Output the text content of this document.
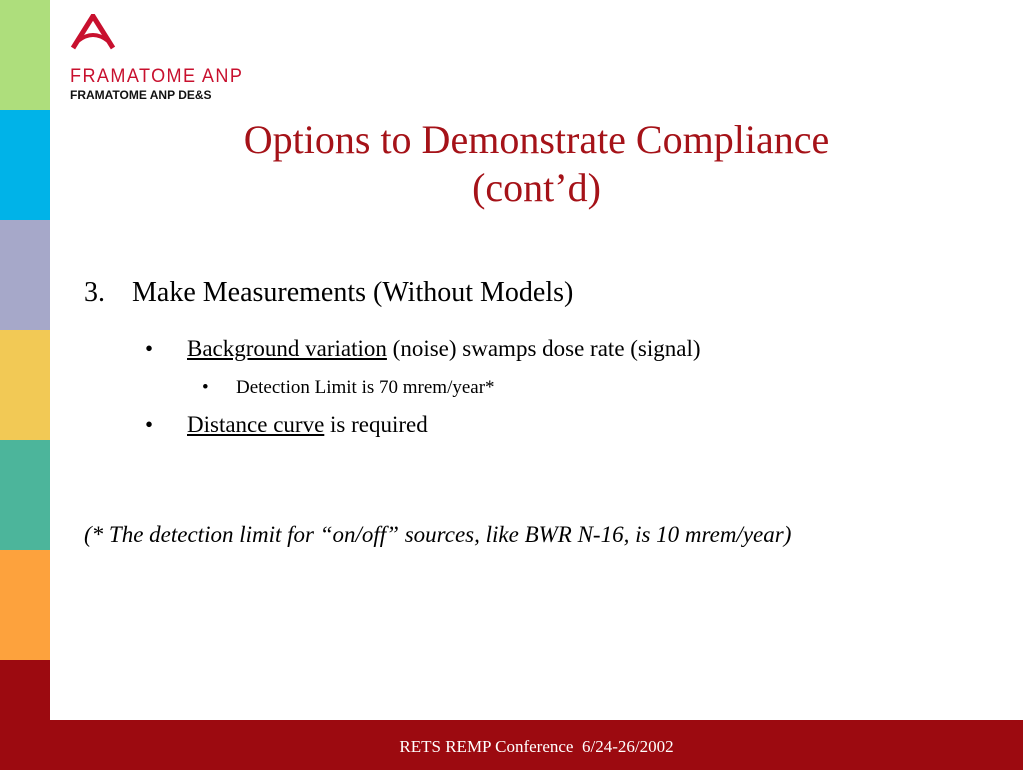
FRAMATOME ANP
FRAMATOME ANP DE&S
Options to Demonstrate Compliance
(cont’d)
3. Make Measurements (Without Models)
• Background variation (noise) swamps dose rate (signal)
• Detection Limit is 70 mrem/year*
• Distance curve is required
(* The detection limit for “on/off” sources, like BWR N-16, is 10 mrem/year)
RETS REMP Conference  6/24-26/2002
